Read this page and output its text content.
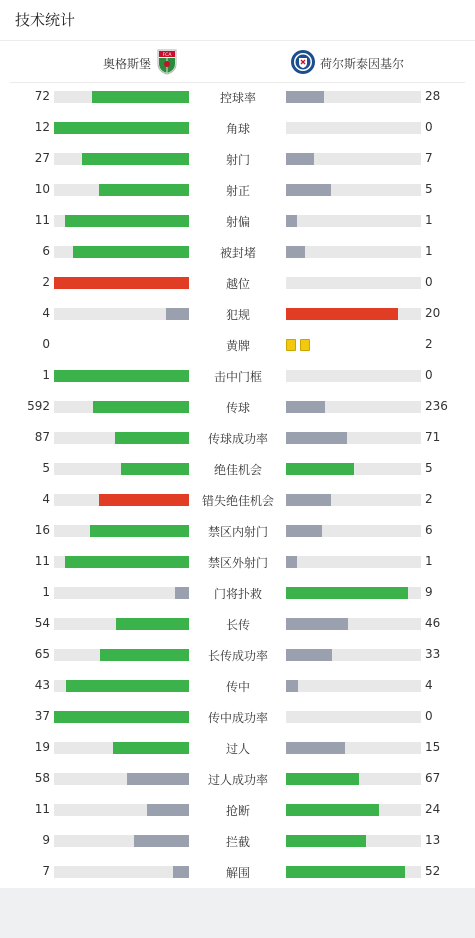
技术统计
奥格斯堡
FCA
荷尔斯泰因基尔
72	控球率	28
12	角球	0
27	射门	7
10	射正	5
11	射偏	1
6	被封堵	1
2	越位	0
4	犯规	20
0	黄牌	2
1	击中门框	0
592	传球	236
87	传球成功率	71
5	绝佳机会	5
4	错失绝佳机会	2
16	禁区内射门	6
11	禁区外射门	1
1	门将扑救	9
54	长传	46
65	长传成功率	33
43	传中	4
37	传中成功率	0
19	过人	15
58	过人成功率	67
11	抢断	24
9	拦截	13
7	解围	52
